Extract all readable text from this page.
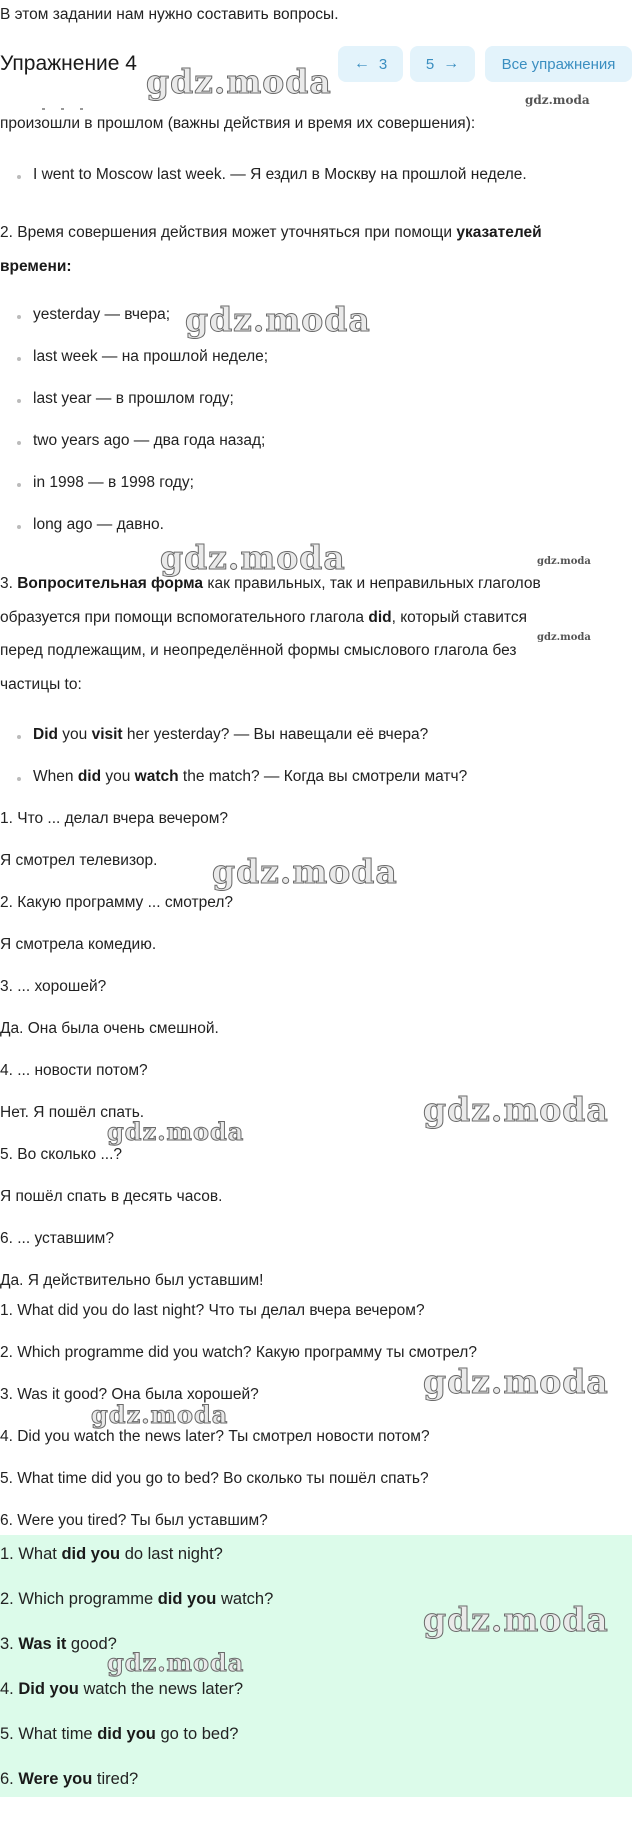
В этом задании нам нужно составить вопросы.
Упражнение 4	← 3	5 →	Все упражнения
произошли в прошлом (важны действия и время их совершения):
I went to Moscow last week. — Я ездил в Москву на прошлой неделе.
2. Время совершения действия может уточняться при помощи указателей
времени:
yesterday — вчера;
last week — на прошлой неделе;
last year — в прошлом году;
two years ago — два года назад;
in 1998 — в 1998 году;
long ago — давно.
3. Вопросительная форма как правильных, так и неправильных глаголов
образуется при помощи вспомогательного глагола did, который ставится
перед подлежащим, и неопределённой формы смыслового глагола без
частицы to:
Did you visit her yesterday? — Вы навещали её вчера?
When did you watch the match? — Когда вы смотрели матч?
1. Что ... делал вчера вечером?
Я смотрел телевизор.
2. Какую программу ... смотрел?
Я смотрела комедию.
3. ... хорошей?
Да. Она была очень смешной.
4. ... новости потом?
Нет. Я пошёл спать.
5. Во сколько ...?
Я пошёл спать в десять часов.
6. ... уставшим?
Да. Я действительно был уставшим!
1. What did you do last night? Что ты делал вчера вечером?
2. Which programme did you watch? Какую программу ты смотрел?
3. Was it good? Она была хорошей?
4. Did you watch the news later? Ты смотрел новости потом?
5. What time did you go to bed? Во сколько ты пошёл спать?
6. Were you tired? Ты был уставшим?
1. What did you do last night?
2. Which programme did you watch?
3. Was it good?
4. Did you watch the news later?
5. What time did you go to bed?
6. Were you tired?
gdz.moda	gdz.moda
gdz.moda
gdz.moda	gdz.moda
gdz.moda
gdz.moda
gdz.moda
gdz.moda
gdz.moda
gdz.moda
gdz.moda
gdz.moda
